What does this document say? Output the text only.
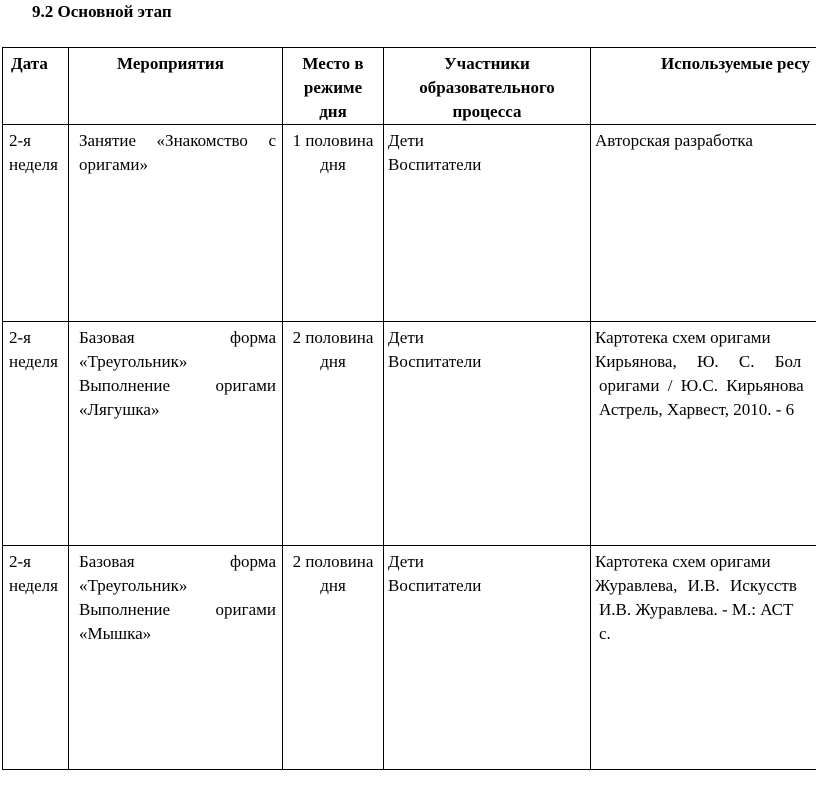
9.2 Основной этап
Дата	Мероприятия	Место в
режиме
дня	Участники
образовательного
процесса	Используемые ресу

2-я
неделя	Занятие «Знакомство с
оригами»	1 половина
дня	Дети
Воспитатели	Авторская разработка

2-я
неделя	Базовая форма
«Треугольник»
Выполнение оригами
«Лягушка»	2 половина
дня	Дети
Воспитатели	Картотека схем оригами
Кирьянова, Ю. С. Бол
оригами / Ю.С. Кирьянова
Астрель, Харвест, 2010. - 6

2-я
неделя	Базовая форма
«Треугольник»
Выполнение оригами
«Мышка»	2 половина
дня	Дети
Воспитатели	Картотека схем оригами
Журавлева, И.В. Искусств
И.В. Журавлева. - М.: АСТ
с.
